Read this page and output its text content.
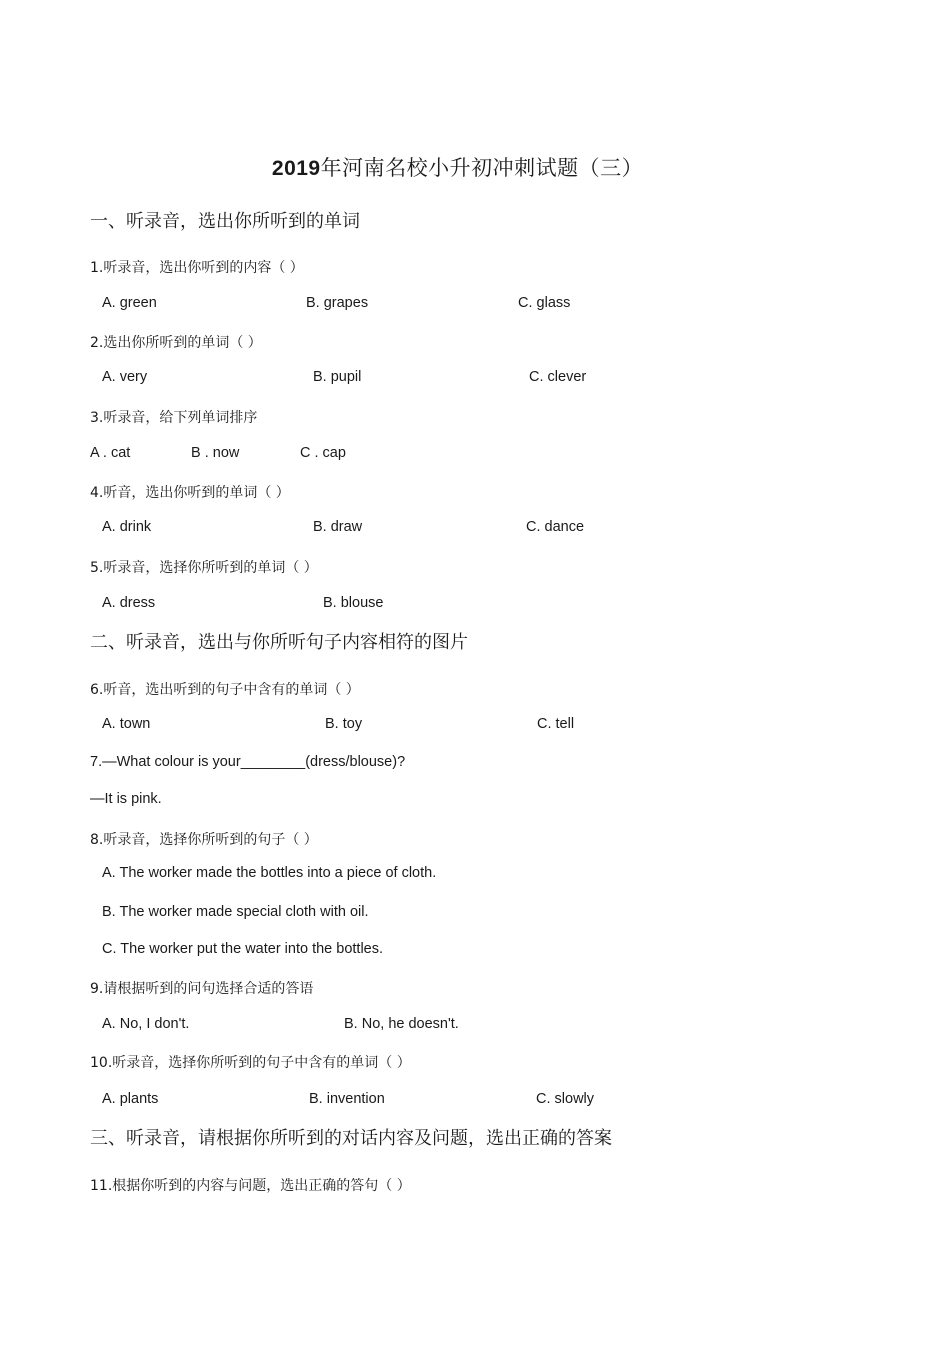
2019年河南名校小升初冲刺试题（三）
一、听录音，选出你所听到的单词
1.听录音，选出你听到的内容（ ）
A. green	B. grapes	C. glass
2.选出你所听到的单词（ ）
A. very	B. pupil	C. clever
3.听录音，给下列单词排序
A . cat	B . now	C . cap
4.听音，选出你听到的单词（ ）
A. drink	B. draw	C. dance
5.听录音，选择你所听到的单词（ ）
A. dress	B. blouse
二、听录音，选出与你所听句子内容相符的图片
6.听音，选出听到的句子中含有的单词（ ）
A. town	B. toy	C. tell
7.—What colour is your________(dress/blouse)?
—It is pink.
8.听录音，选择你所听到的句子（ ）
A. The worker made the bottles into a piece of cloth.
B. The worker made special cloth with oil.
C. The worker put the water into the bottles.
9.请根据听到的问句选择合适的答语
A. No, I don't.	B. No, he doesn't.
10.听录音，选择你所听到的句子中含有的单词（ ）
A. plants	B. invention	C. slowly
三、听录音，请根据你所听到的对话内容及问题，选出正确的答案
11.根据你听到的内容与问题，选出正确的答句（ ）
